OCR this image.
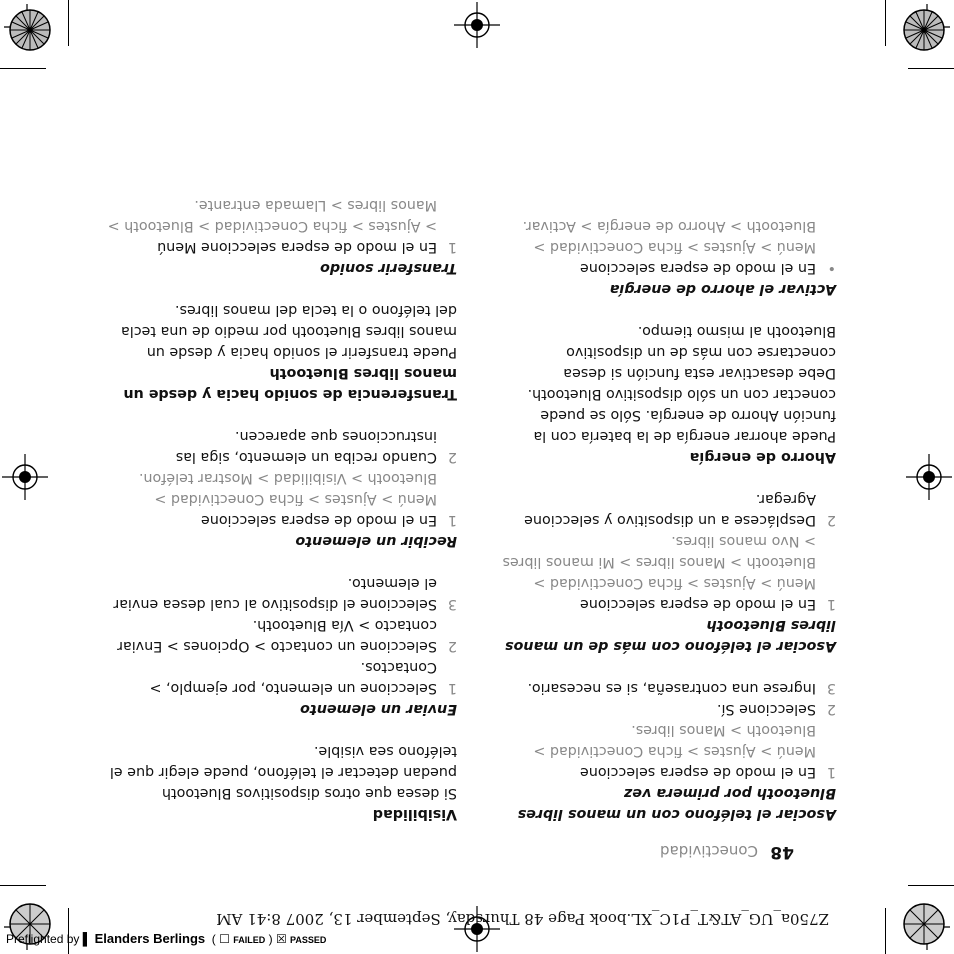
Z750a_UG_AT&T_P1C_XL.book Page 48 Thursday, September 13, 2007 8:41 AM
48
Conectividad
Asociar el teléfono con un manos libres Bluetooth por primera vez
1
En el modo de espera seleccione
Menú > Ajustes > ficha Conectividad > Bluetooth > Manos libres.
2
Seleccione Sí.
3
Ingrese una contraseña, si es necesario.
Asociar el teléfono con más de un manos libres Bluetooth
1
En el modo de espera seleccione
Menú > Ajustes > ficha Conectividad > Bluetooth > Manos libres > Mi manos libres > Nvo manos libres.
2
Desplácese a un dispositivo y seleccione Agregar.
Ahorro de energía
Puede ahorrar energía de la batería con la función Ahorro de energía. Sólo se puede conectar con un sólo dispositivo Bluetooth. Debe desactivar esta función si desea conectarse con más de un dispositivo Bluetooth al mismo tiempo.
Activar el ahorro de energía
•
En el modo de espera seleccione
Menú > Ajustes > ficha Conectividad > Bluetooth > Ahorro de energía > Activar.
Visibilidad
Si desea que otros dispositivos Bluetooth puedan detectar el teléfono, puede elegir que el teléfono sea visible.
Enviar un elemento
1
Seleccione un elemento, por ejemplo, > Contactos.
2
Seleccione un contacto > Opciones > Enviar contacto > Vía Bluetooth.
3
Seleccione el dispositivo al cual desea enviar el elemento.
Recibir un elemento
1
En el modo de espera seleccione
Menú > Ajustes > ficha Conectividad > Bluetooth > Visibilidad > Mostrar teléfon.
2
Cuando reciba un elemento, siga las instrucciones que aparecen.
Transferencia de sonido hacia y desde un manos libres Bluetooth
Puede transferir el sonido hacia y desde un manos libres Bluetooth por medio de una tecla del teléfono o la tecla del manos libres.
Transferir sonido
1
En el modo de espera seleccione Menú
> Ajustes > ficha Conectividad > Bluetooth > Manos libres > Llamada entrante.
Preflighted by ▌ Elanders Berlings  ( ☐ FAILED ) ☒ PASSED
